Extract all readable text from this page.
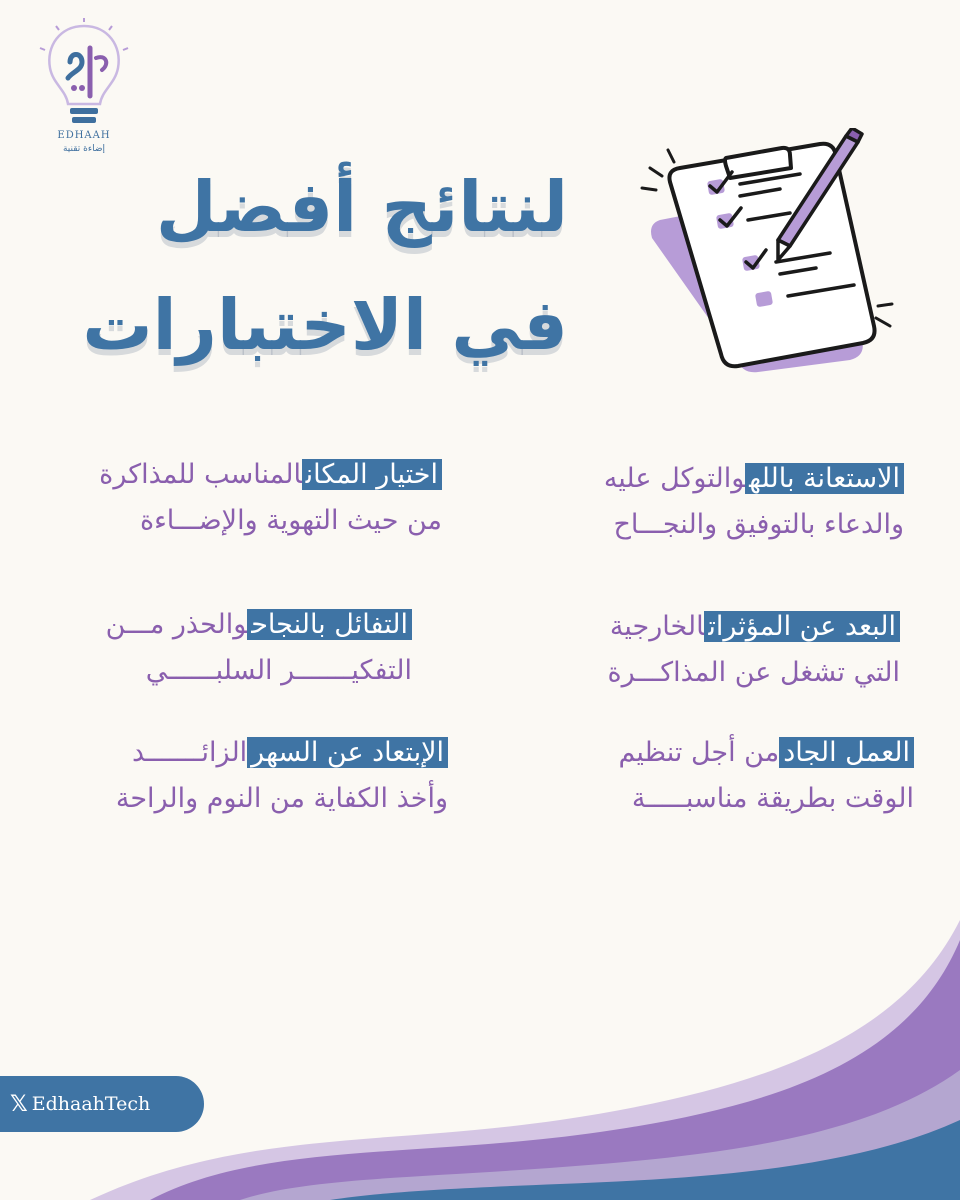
EDHAAH
إضاءة تقنية
لنتائج أفضل
في الاختبارات
الاستعانة باللهوالتوكل عليه
والدعاء بالتوفيق والنجـــاح
البعد عن المؤثراتالخارجية
التي تشغل عن المذاكـــرة
العمل الجادمن أجل تنظيم
الوقت بطريقة مناسبـــــة
اختيار المكانالمناسب للمذاكرة
من حيث التهوية والإضـــاءة
التفائل بالنجاحوالحذر مـــن
التفكيـــــــر السلبــــــي
الإبتعاد عن السهرالزائـــــــد
وأخذ الكفاية من النوم والراحة
𝕏 EdhaahTech
